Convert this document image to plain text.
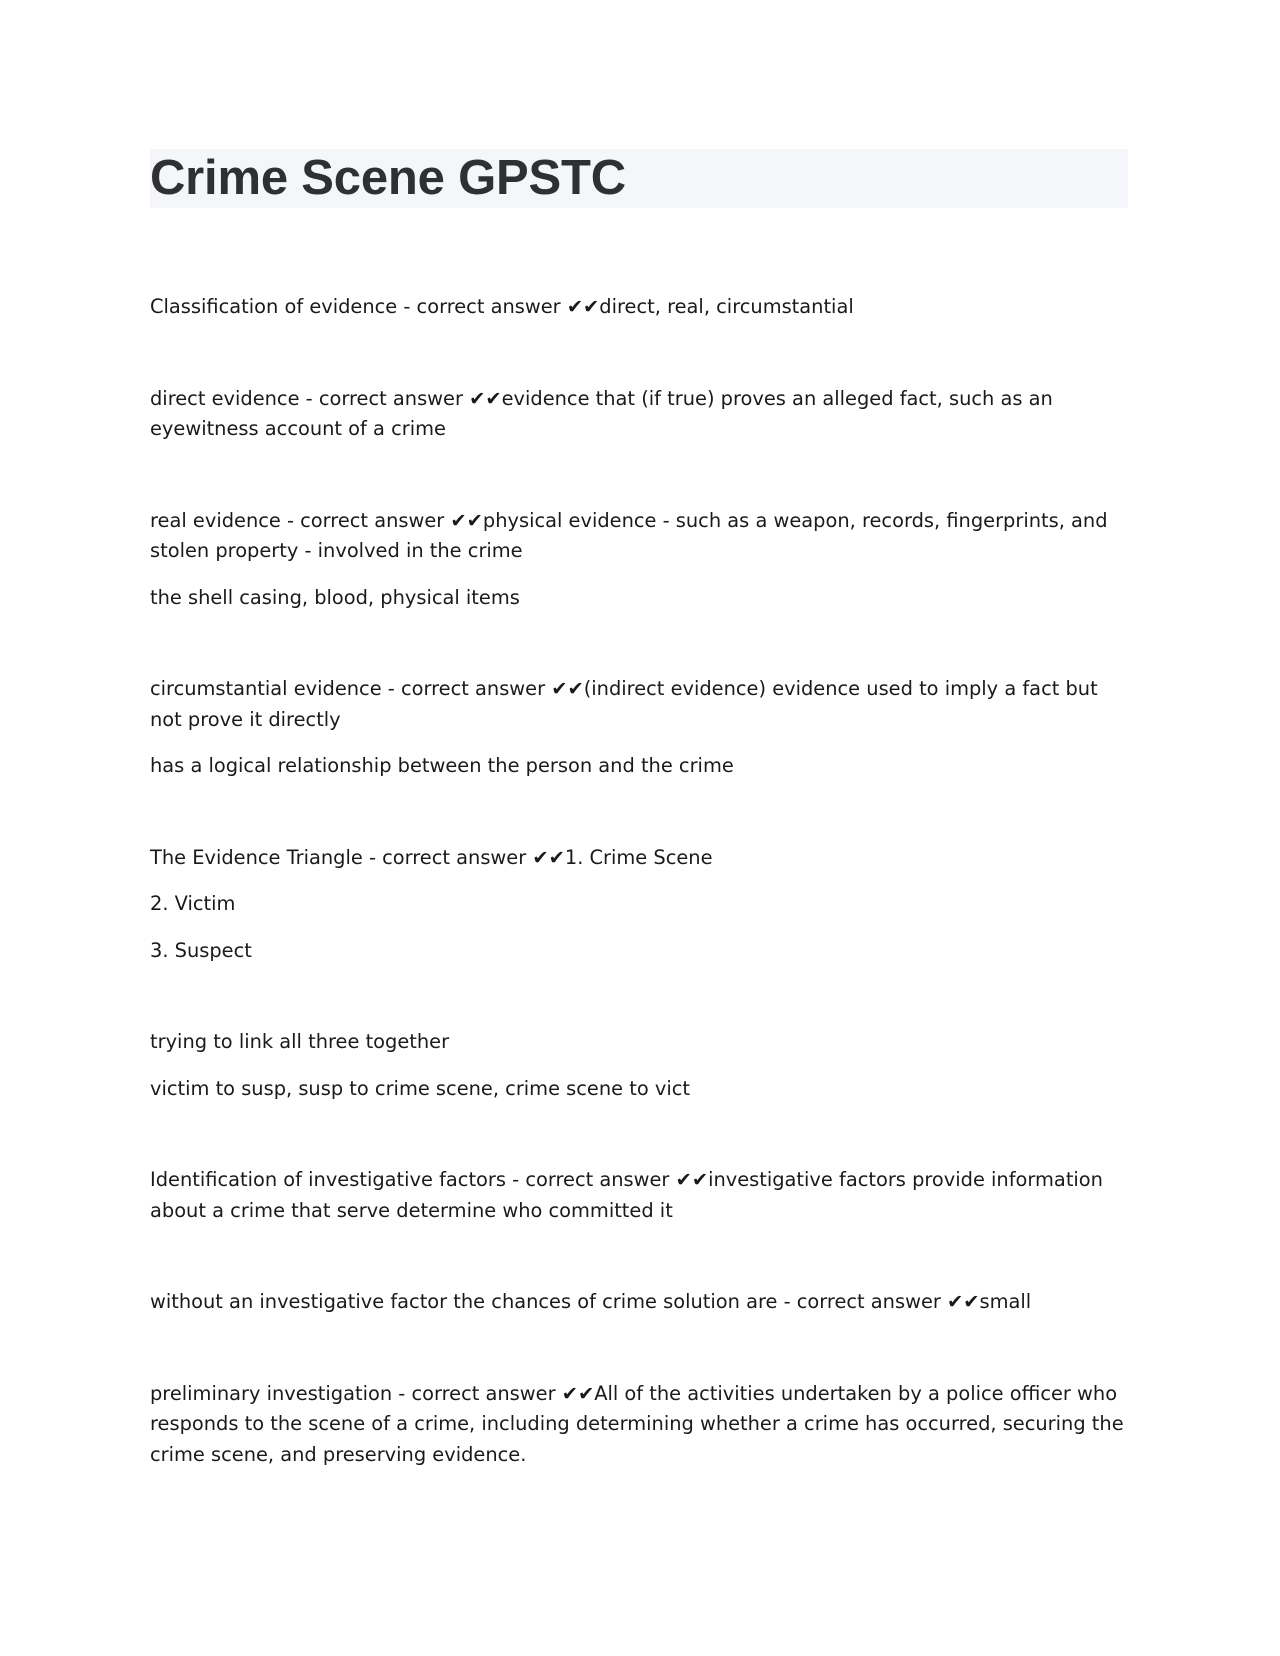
Crime Scene GPSTC

Classification of evidence - correct answer ✔✔direct, real, circumstantial

direct evidence - correct answer ✔✔evidence that (if true) proves an alleged fact, such as an eyewitness account of a crime

real evidence - correct answer ✔✔physical evidence - such as a weapon, records, fingerprints, and stolen property - involved in the crime

the shell casing, blood, physical items

circumstantial evidence - correct answer ✔✔(indirect evidence) evidence used to imply a fact but not prove it directly

has a logical relationship between the person and the crime

The Evidence Triangle - correct answer ✔✔1. Crime Scene

2. Victim

3. Suspect

trying to link all three together

victim to susp, susp to crime scene, crime scene to vict

Identification of investigative factors - correct answer ✔✔investigative factors provide information about a crime that serve determine who committed it

without an investigative factor the chances of crime solution are - correct answer ✔✔small

preliminary investigation - correct answer ✔✔All of the activities undertaken by a police officer who responds to the scene of a crime, including determining whether a crime has occurred, securing the crime scene, and preserving evidence.
